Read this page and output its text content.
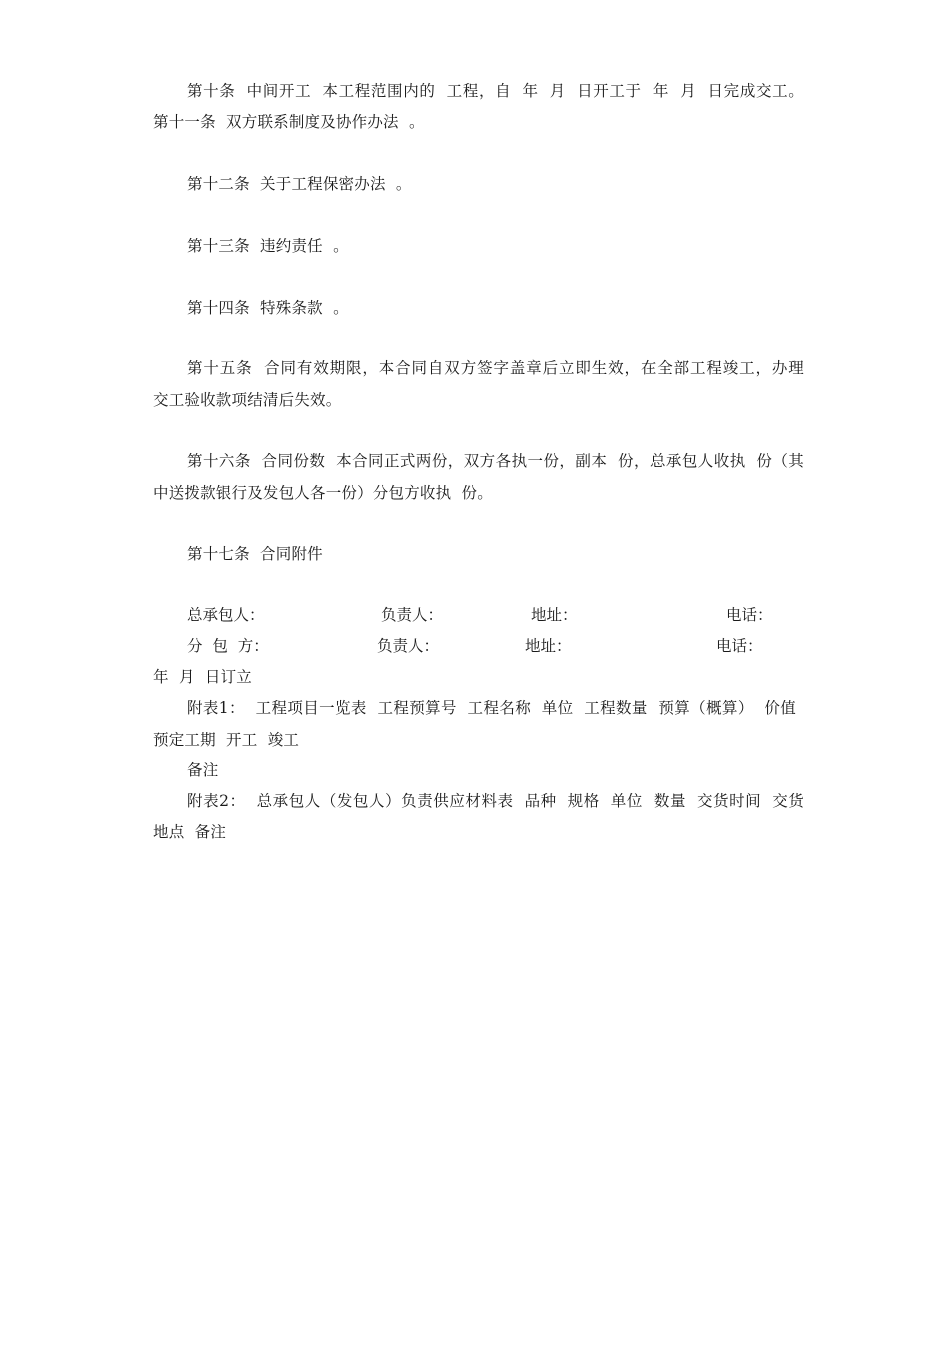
第十条  中间开工  本工程范围内的  工程，自  年  月  日开工于  年  月  日完成交工。
第十一条  双方联系制度及协作办法  。
第十二条  关于工程保密办法  。
第十三条  违约责任  。
第十四条  特殊条款  。
第十五条  合同有效期限，本合同自双方签字盖章后立即生效，在全部工程竣工，办理
交工验收款项结清后失效。
第十六条  合同份数  本合同正式两份，双方各执一份，副本  份，总承包人收执  份（其
中送拨款银行及发包人各一份）分包方收执  份。
第十七条  合同附件
总承包人：	负责人：	地址：	电话：
分  包  方：	负责人：	地址：	电话：
年  月  日订立
附表1：  工程项目一览表  工程预算号  工程名称  单位  工程数量  预算（概算）  价值
预定工期  开工  竣工
备注
附表2：  总承包人（发包人）负责供应材料表  品种  规格  单位  数量  交货时间  交货
地点  备注
